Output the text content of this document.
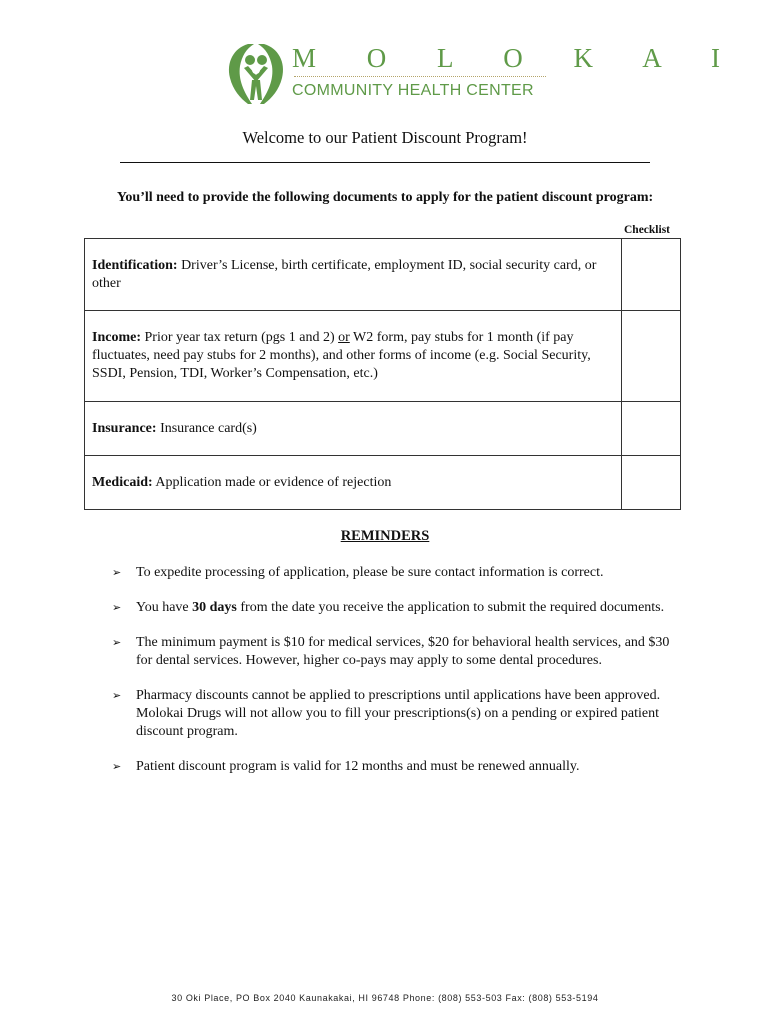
M O L O K A I
COMMUNITY HEALTH CENTER
Welcome to our Patient Discount Program!
You’ll need to provide the following documents to apply for the patient discount program:
Checklist
Identification: Driver’s License, birth certificate, employment ID, social security card, or other	
Income: Prior year tax return (pgs 1 and 2) or W2 form, pay stubs for 1 month (if pay fluctuates, need pay stubs for 2 months), and other forms of income (e.g. Social Security, SSDI, Pension, TDI, Worker’s Compensation, etc.)	
Insurance: Insurance card(s)	
Medicaid: Application made or evidence of rejection	
REMINDERS
➢ To expedite processing of application, please be sure contact information is correct.
➢ You have 30 days from the date you receive the application to submit the required documents.
➢ The minimum payment is $10 for medical services, $20 for behavioral health services, and $30 for dental services. However, higher co-pays may apply to some dental procedures.
➢ Pharmacy discounts cannot be applied to prescriptions until applications have been approved. Molokai Drugs will not allow you to fill your prescriptions(s) on a pending or expired patient discount program.
➢ Patient discount program is valid for 12 months and must be renewed annually.
30 Oki Place, PO Box 2040 Kaunakakai, HI 96748 Phone: (808) 553-503 Fax: (808) 553-5194
